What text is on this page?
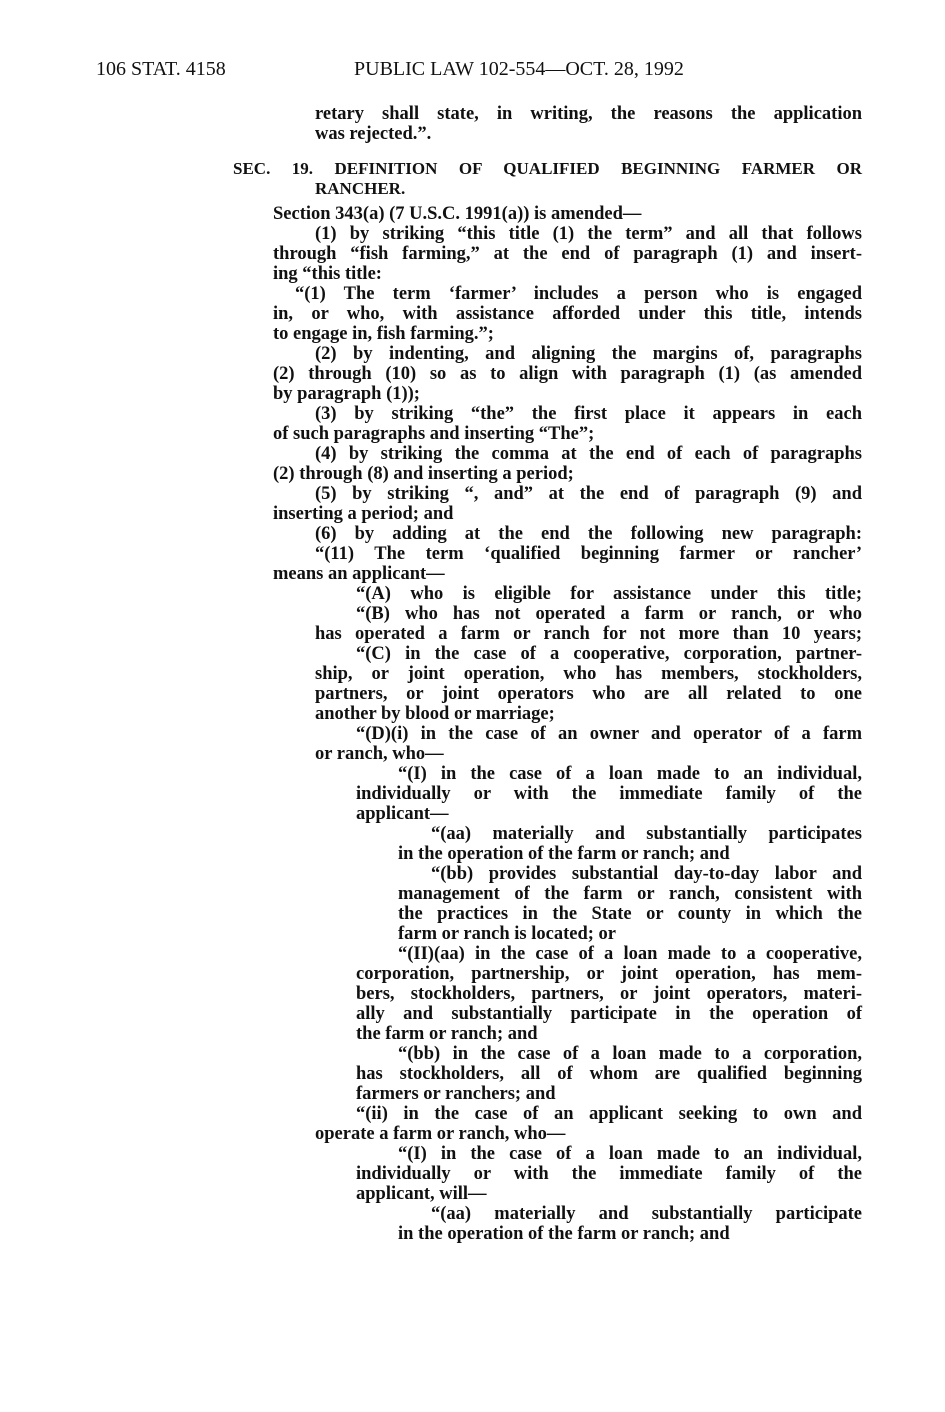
106 STAT. 4158	PUBLIC LAW 102-554—OCT. 28, 1992
retary shall state, in writing, the reasons the application
was rejected.”.
SEC. 19. DEFINITION OF QUALIFIED BEGINNING FARMER OR
RANCHER.
Section 343(a) (7 U.S.C. 1991(a)) is amended—
(1) by striking “this title (1) the term” and all that follows
through “fish farming,” at the end of paragraph (1) and insert-
ing “this title:
“(1) The term ‘farmer’ includes a person who is engaged
in, or who, with assistance afforded under this title, intends
to engage in, fish farming.”;
(2) by indenting, and aligning the margins of, paragraphs
(2) through (10) so as to align with paragraph (1) (as amended
by paragraph (1));
(3) by striking “the” the first place it appears in each
of such paragraphs and inserting “The”;
(4) by striking the comma at the end of each of paragraphs
(2) through (8) and inserting a period;
(5) by striking “, and” at the end of paragraph (9) and
inserting a period; and
(6) by adding at the end the following new paragraph:
“(11) The term ‘qualified beginning farmer or rancher’
means an applicant—
“(A) who is eligible for assistance under this title;
“(B) who has not operated a farm or ranch, or who
has operated a farm or ranch for not more than 10 years;
“(C) in the case of a cooperative, corporation, partner-
ship, or joint operation, who has members, stockholders,
partners, or joint operators who are all related to one
another by blood or marriage;
“(D)(i) in the case of an owner and operator of a farm
or ranch, who—
“(I) in the case of a loan made to an individual,
individually or with the immediate family of the
applicant—
“(aa) materially and substantially participates
in the operation of the farm or ranch; and
“(bb) provides substantial day-to-day labor and
management of the farm or ranch, consistent with
the practices in the State or county in which the
farm or ranch is located; or
“(II)(aa) in the case of a loan made to a cooperative,
corporation, partnership, or joint operation, has mem-
bers, stockholders, partners, or joint operators, materi-
ally and substantially participate in the operation of
the farm or ranch; and
“(bb) in the case of a loan made to a corporation,
has stockholders, all of whom are qualified beginning
farmers or ranchers; and
“(ii) in the case of an applicant seeking to own and
operate a farm or ranch, who—
“(I) in the case of a loan made to an individual,
individually or with the immediate family of the
applicant, will—
“(aa) materially and substantially participate
in the operation of the farm or ranch; and
